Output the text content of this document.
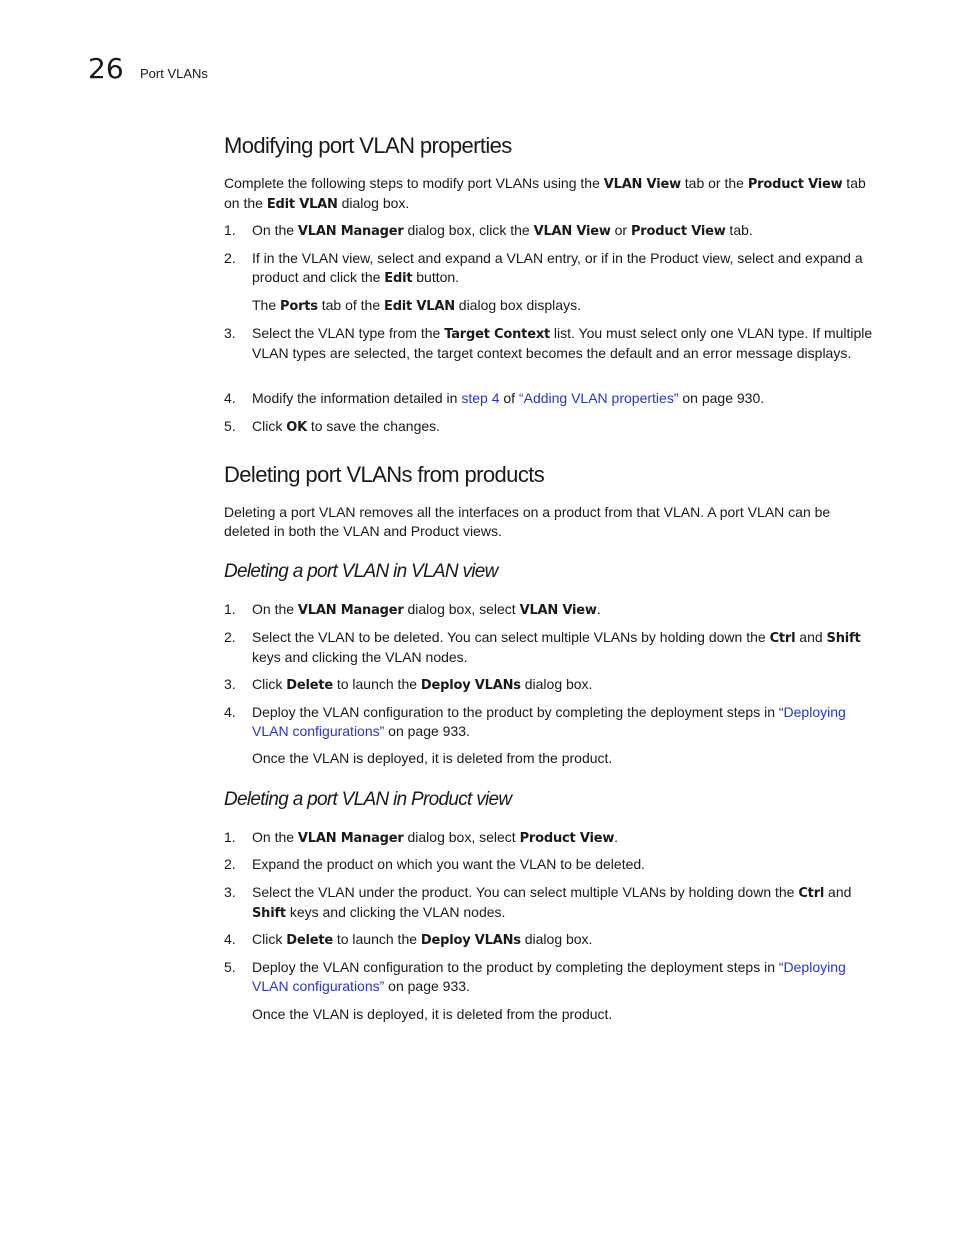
26 Port VLANs
Modifying port VLAN properties
Complete the following steps to modify port VLANs using the VLAN View tab or the Product View tab on the Edit VLAN dialog box.
1. On the VLAN Manager dialog box, click the VLAN View or Product View tab.
2. If in the VLAN view, select and expand a VLAN entry, or if in the Product view, select and expand a product and click the Edit button.
The Ports tab of the Edit VLAN dialog box displays.
3. Select the VLAN type from the Target Context list. You must select only one VLAN type. If multiple VLAN types are selected, the target context becomes the default and an error message displays.
4. Modify the information detailed in step 4 of “Adding VLAN properties” on page 930.
5. Click OK to save the changes.
Deleting port VLANs from products
Deleting a port VLAN removes all the interfaces on a product from that VLAN. A port VLAN can be deleted in both the VLAN and Product views.
Deleting a port VLAN in VLAN view
1. On the VLAN Manager dialog box, select VLAN View.
2. Select the VLAN to be deleted. You can select multiple VLANs by holding down the Ctrl and Shift keys and clicking the VLAN nodes.
3. Click Delete to launch the Deploy VLANs dialog box.
4. Deploy the VLAN configuration to the product by completing the deployment steps in “Deploying VLAN configurations” on page 933.
Once the VLAN is deployed, it is deleted from the product.
Deleting a port VLAN in Product view
1. On the VLAN Manager dialog box, select Product View.
2. Expand the product on which you want the VLAN to be deleted.
3. Select the VLAN under the product. You can select multiple VLANs by holding down the Ctrl and Shift keys and clicking the VLAN nodes.
4. Click Delete to launch the Deploy VLANs dialog box.
5. Deploy the VLAN configuration to the product by completing the deployment steps in “Deploying VLAN configurations” on page 933.
Once the VLAN is deployed, it is deleted from the product.
